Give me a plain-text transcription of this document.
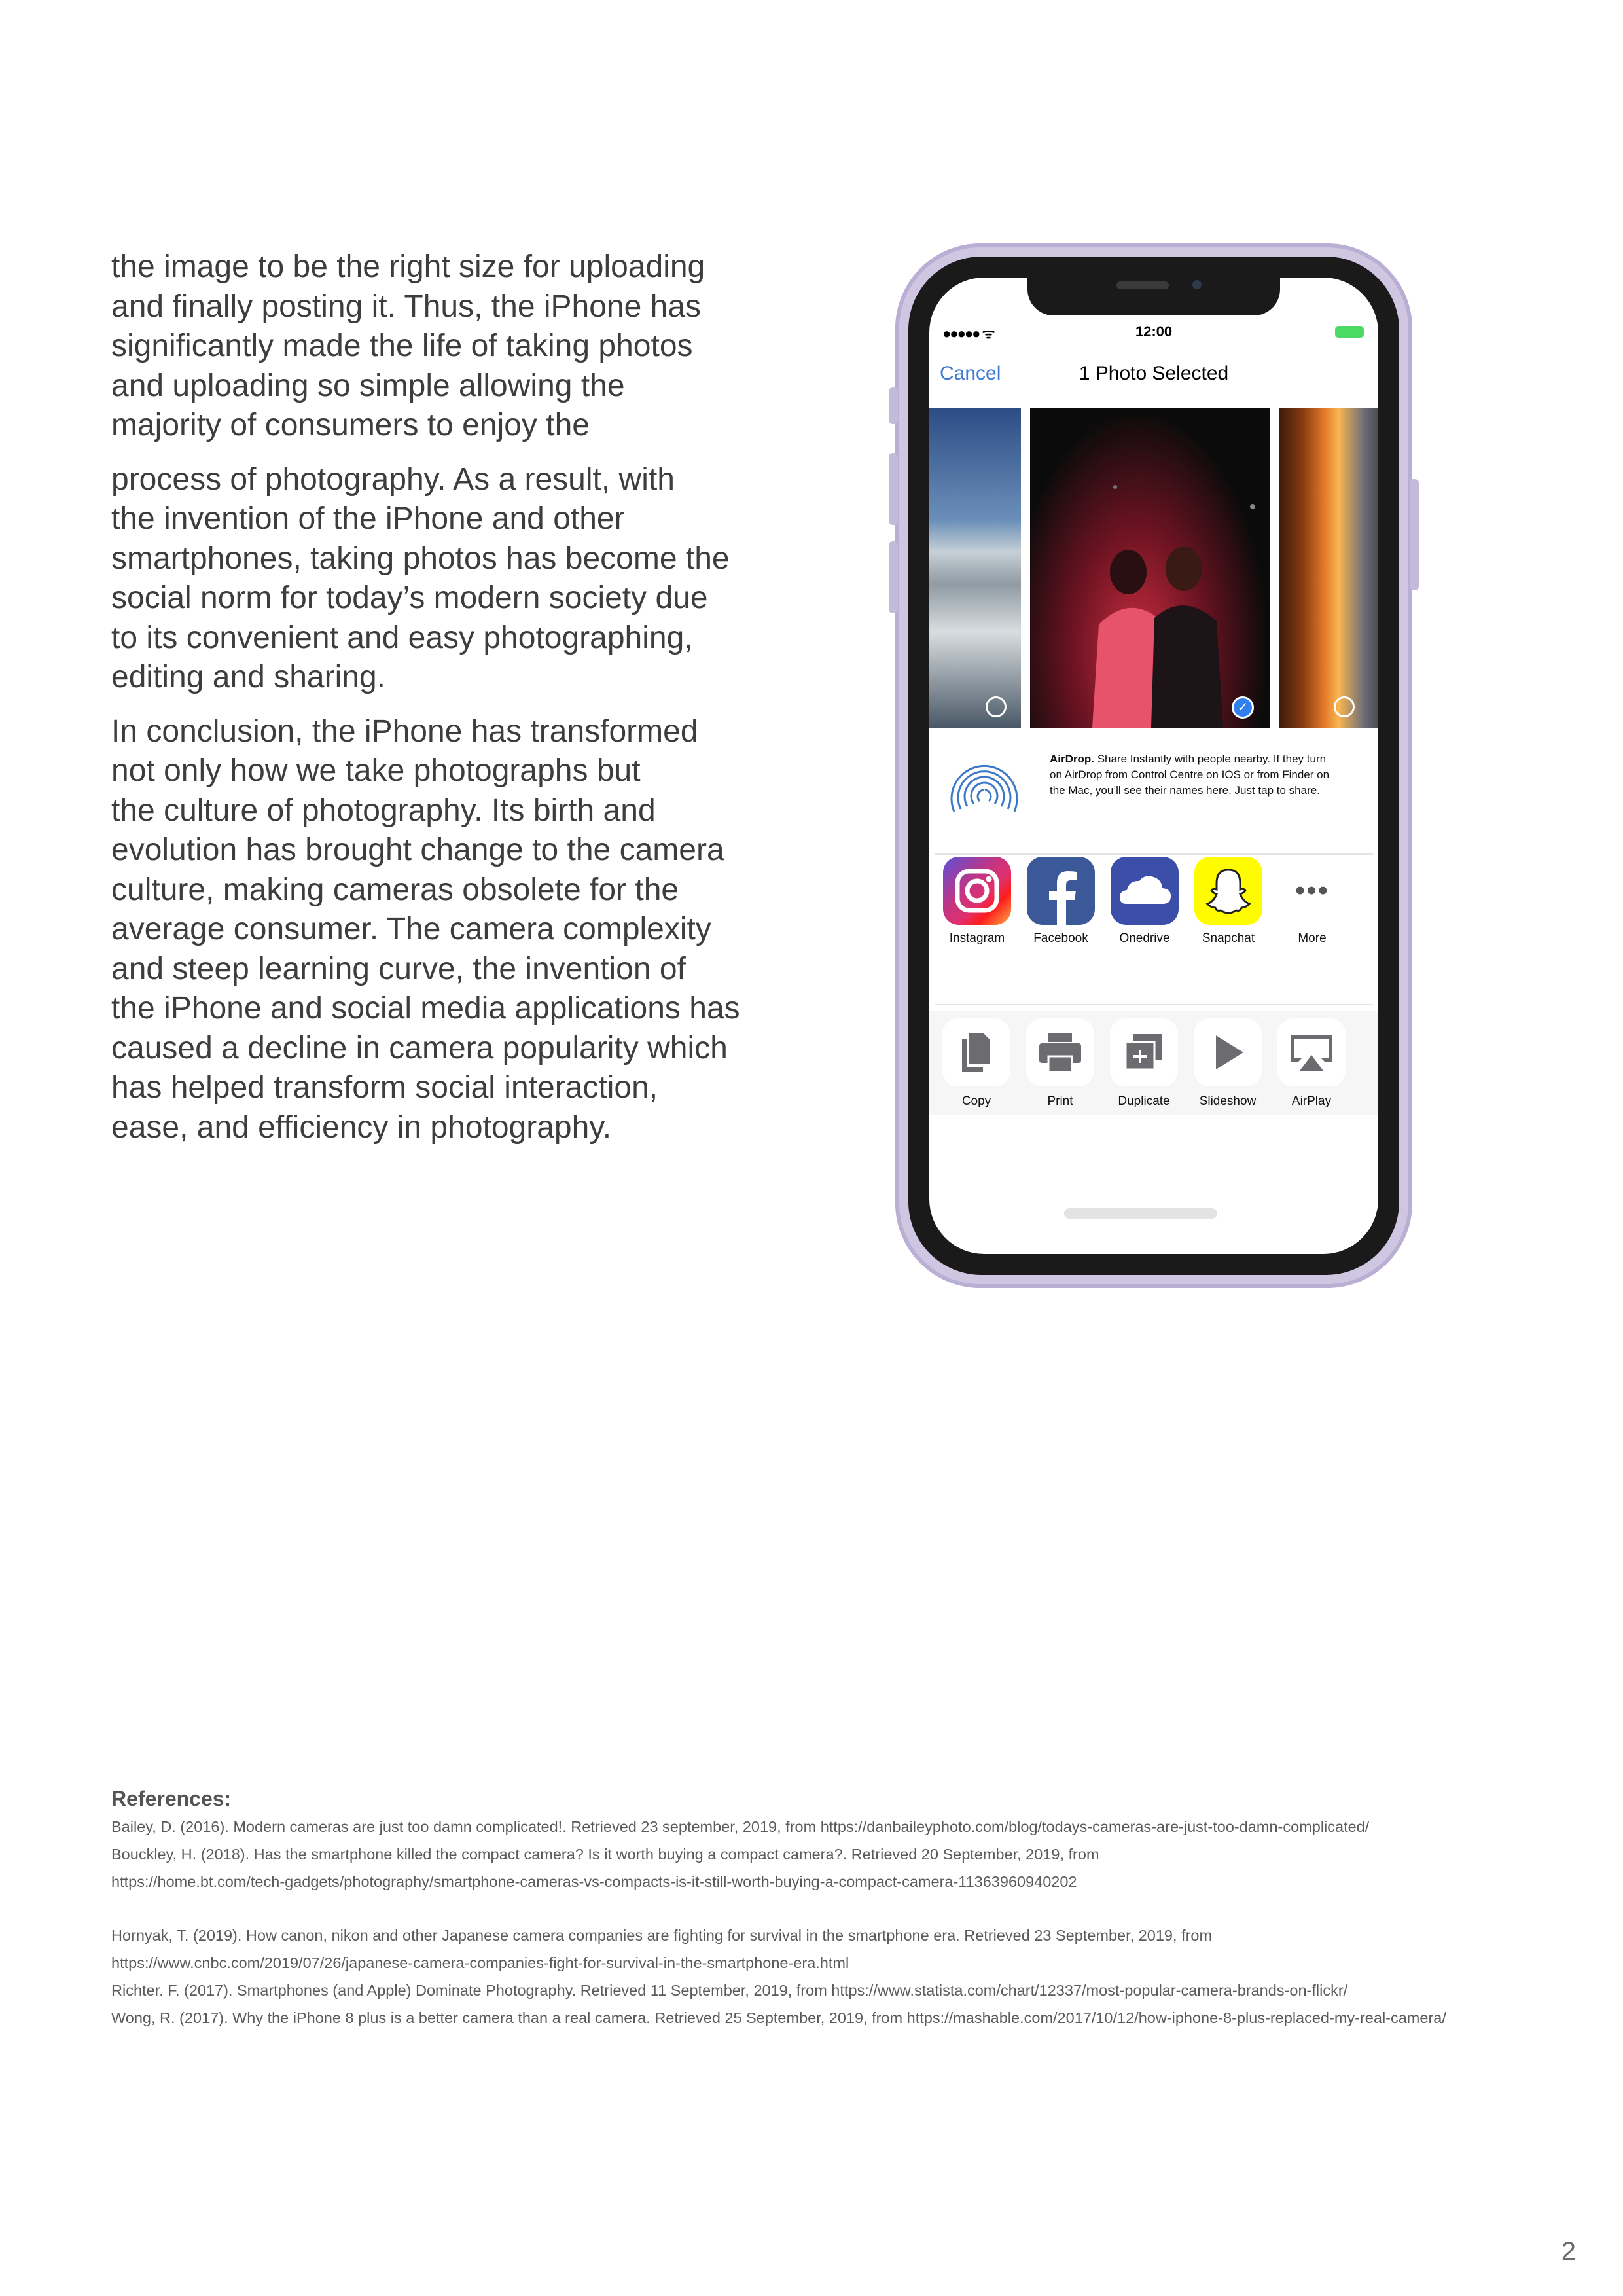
the image to be the right size for uploading
and finally posting it. Thus, the iPhone has
significantly made the life of taking photos
and uploading so simple allowing the
majority of consumers to enjoy the

process of photography. As a result, with
the invention of the iPhone and other
smartphones, taking photos has become the
social norm for today’s modern society due
to its convenient and easy photographing,
editing and sharing.

In conclusion, the iPhone has transformed
not only how we take photographs but
the culture of photography. Its birth and
evolution has brought change to the camera
culture, making cameras obsolete for the
average consumer. The camera complexity
and steep learning curve, the invention of
the iPhone and social media applications has
caused a decline in camera popularity which
has helped transform social interaction,
ease, and efficiency in photography.

●●●●● ᯤ	12:00
Cancel	1 Photo Selected
✓
AirDrop. Share Instantly with people nearby. If they turn on AirDrop from Control Centre on IOS or from Finder on the Mac, you’ll see their names here. Just tap to share.
Instagram	Facebook	Onedrive	Snapchat
•••
More
Copy	Print	Duplicate	Slideshow	AirPlay
References:

Bailey, D. (2016). Modern cameras are just too damn complicated!. Retrieved 23 september, 2019, from https://danbaileyphoto.com/blog/todays-cameras-are-just-too-damn-complicated/

Bouckley, H. (2018). Has the smartphone killed the compact camera? Is it worth buying a compact camera?. Retrieved 20 September, 2019, from

https://home.bt.com/tech-gadgets/photography/smartphone-cameras-vs-compacts-is-it-still-worth-buying-a-compact-camera-11363960940202

Hornyak, T. (2019). How canon, nikon and other Japanese camera companies are fighting for survival in the smartphone era. Retrieved 23 September, 2019, from

https://www.cnbc.com/2019/07/26/japanese-camera-companies-fight-for-survival-in-the-smartphone-era.html

Richter. F. (2017). Smartphones (and Apple) Dominate Photography. Retrieved 11 September, 2019, from https://www.statista.com/chart/12337/most-popular-camera-brands-on-flickr/

Wong, R. (2017). Why the iPhone 8 plus is a better camera than a real camera. Retrieved 25 September, 2019, from https://mashable.com/2017/10/12/how-iphone-8-plus-replaced-my-real-camera/

2
